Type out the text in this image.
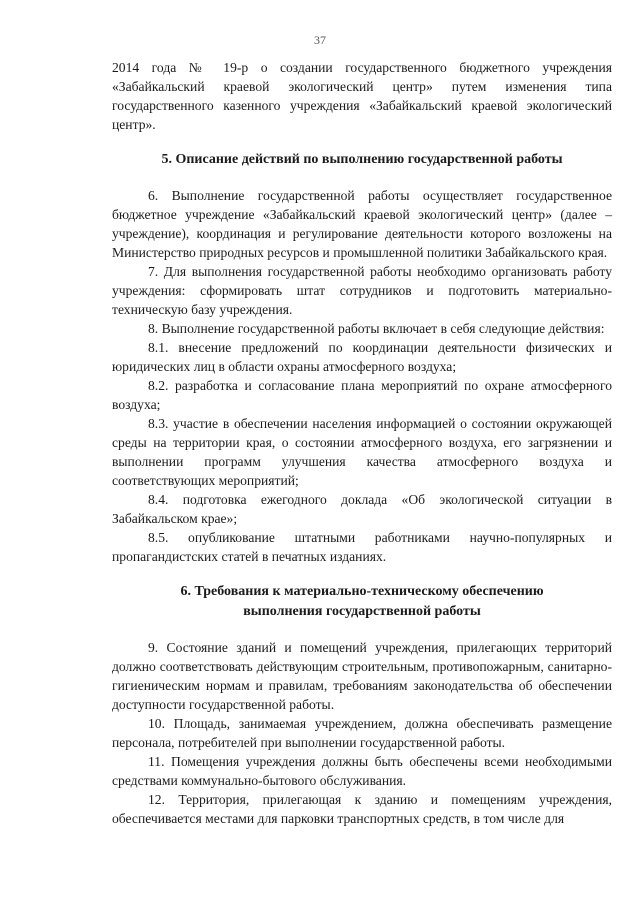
37

2014 года № 19-р о создании государственного бюджетного учреждения «Забайкальский краевой экологический центр» путем изменения типа государственного казенного учреждения «Забайкальский краевой экологический центр».

5. Описание действий по выполнению государственной работы

6. Выполнение государственной работы осуществляет государственное бюджетное учреждение «Забайкальский краевой экологический центр» (далее – учреждение), координация и регулирование деятельности которого возложены на Министерство природных ресурсов и промышленной политики Забайкальского края.

7. Для выполнения государственной работы необходимо организовать работу учреждения: сформировать штат сотрудников и подготовить материально-техническую базу учреждения.

8. Выполнение государственной работы включает в себя следующие действия:

8.1. внесение предложений по координации деятельности физических и юридических лиц в области охраны атмосферного воздуха;

8.2. разработка и согласование плана мероприятий по охране атмосферного воздуха;

8.3. участие в обеспечении населения информацией о состоянии окружающей среды на территории края, о состоянии атмосферного воздуха, его загрязнении и выполнении программ улучшения качества атмосферного воздуха и соответствующих мероприятий;

8.4. подготовка ежегодного доклада «Об экологической ситуации в Забайкальском крае»;

8.5. опубликование штатными работниками научно-популярных и пропагандистских статей в печатных изданиях.

6. Требования к материально-техническому обеспечению

выполнения государственной работы

9. Состояние зданий и помещений учреждения, прилегающих территорий должно соответствовать действующим строительным, противопожарным, санитарно-гигиеническим нормам и правилам, требованиям законодательства об обеспечении доступности государственной работы.

10. Площадь, занимаемая учреждением, должна обеспечивать размещение персонала, потребителей при выполнении государственной работы.

11. Помещения учреждения должны быть обеспечены всеми необходимыми средствами коммунально-бытового обслуживания.

12. Территория, прилегающая к зданию и помещениям учреждения, обеспечивается местами для парковки транспортных средств, в том числе для
